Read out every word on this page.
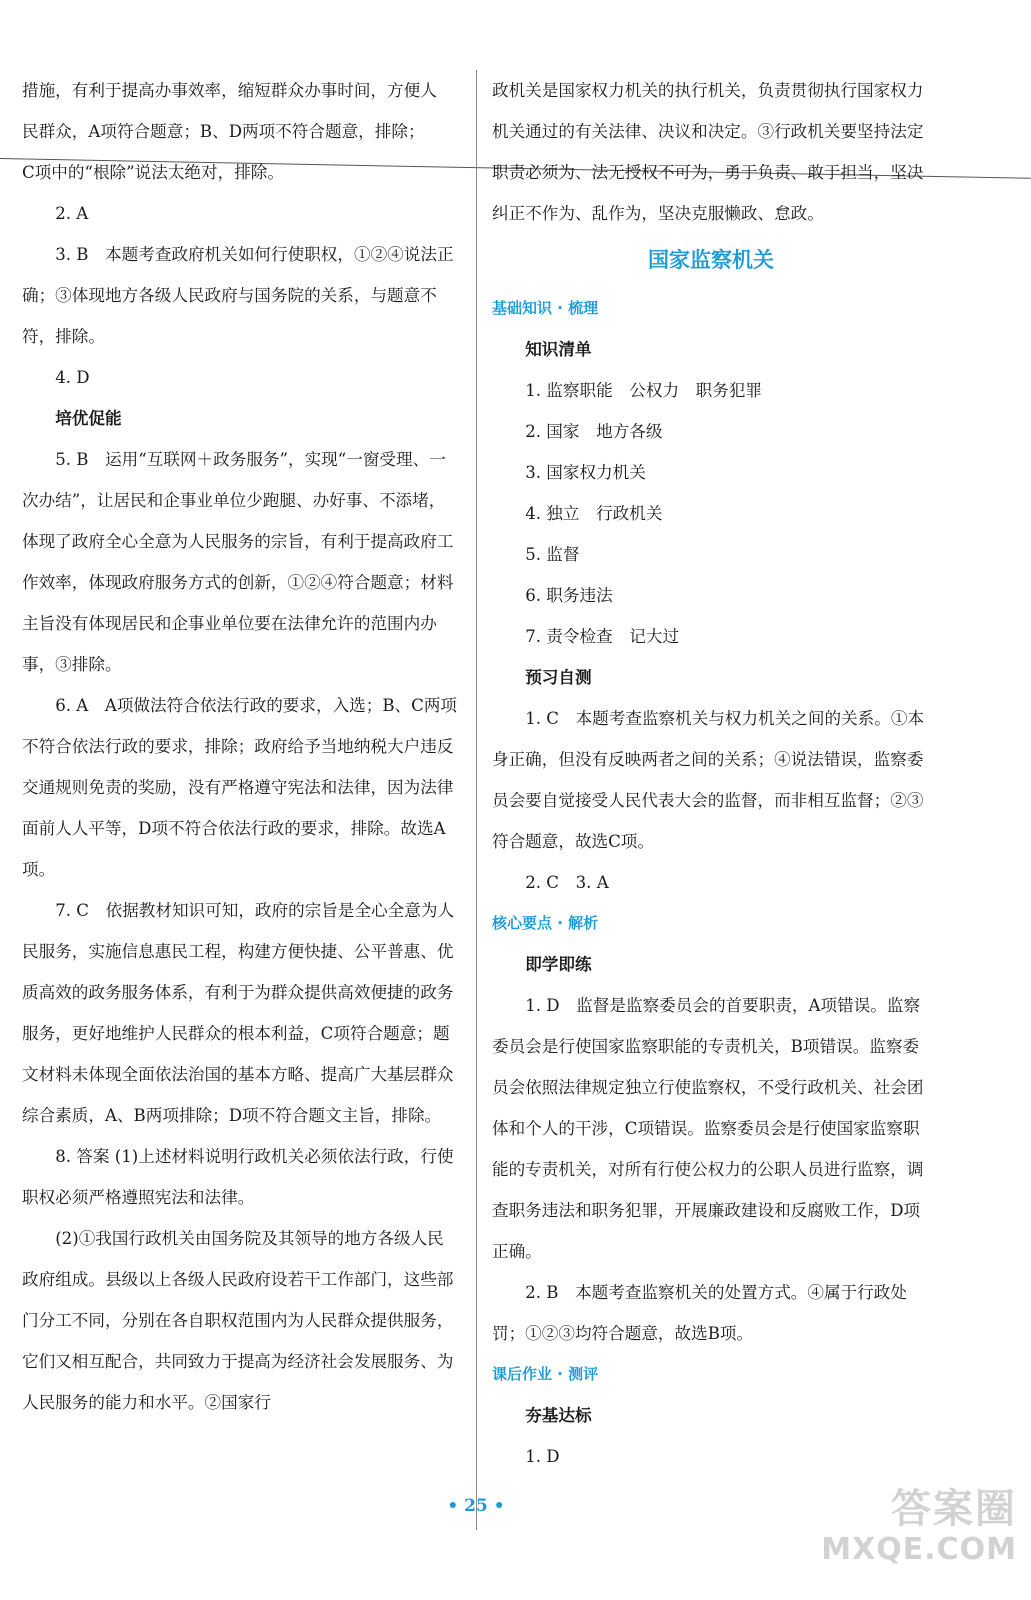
措施，有利于提高办事效率，缩短群众办事时间，方便人

民群众，A项符合题意；B、D两项不符合题意，排除；

C项中的“根除”说法太绝对，排除。

2. A

3. B　本题考查政府机关如何行使职权，①②④说法正确；③体现地方各级人民政府与国务院的关系，与题意不符，排除。

4. D

培优促能

5. B　运用“互联网＋政务服务”，实现“一窗受理、一次办结”，让居民和企事业单位少跑腿、办好事、不添堵，体现了政府全心全意为人民服务的宗旨，有利于提高政府工作效率，体现政府服务方式的创新，①②④符合题意；材料主旨没有体现居民和企事业单位要在法律允许的范围内办事，③排除。

6. A　A项做法符合依法行政的要求，入选；B、C两项不符合依法行政的要求，排除；政府给予当地纳税大户违反交通规则免责的奖励，没有严格遵守宪法和法律，因为法律面前人人平等，D项不符合依法行政的要求，排除。故选A项。

7. C　依据教材知识可知，政府的宗旨是全心全意为人民服务，实施信息惠民工程，构建方便快捷、公平普惠、优质高效的政务服务体系，有利于为群众提供高效便捷的政务服务，更好地维护人民群众的根本利益，C项符合题意；题文材料未体现全面依法治国的基本方略、提高广大基层群众综合素质，A、B两项排除；D项不符合题文主旨，排除。

8. 答案 (1)上述材料说明行政机关必须依法行政，行使职权必须严格遵照宪法和法律。

(2)①我国行政机关由国务院及其领导的地方各级人民政府组成。县级以上各级人民政府设若干工作部门，这些部门分工不同，分别在各自职权范围内为人民群众提供服务，它们又相互配合，共同致力于提高为经济社会发展服务、为人民服务的能力和水平。②国家行

政机关是国家权力机关的执行机关，负责贯彻执行国家权力机关通过的有关法律、决议和决定。③行政机关要坚持法定职责必须为、法无授权不可为，勇于负责、敢于担当，坚决纠正不作为、乱作为，坚决克服懒政、怠政。

国家监察机关

基础知识 · 梳理

知识清单

1. 监察职能　公权力　职务犯罪

2. 国家　地方各级

3. 国家权力机关

4. 独立　行政机关

5. 监督

6. 职务违法

7. 责令检查　记大过

预习自测

1. C　本题考查监察机关与权力机关之间的关系。①本身正确，但没有反映两者之间的关系；④说法错误，监察委员会要自觉接受人民代表大会的监督，而非相互监督；②③符合题意，故选C项。

2. C　3. A

核心要点 · 解析

即学即练

1. D　监督是监察委员会的首要职责，A项错误。监察委员会是行使国家监察职能的专责机关，B项错误。监察委员会依照法律规定独立行使监察权，不受行政机关、社会团体和个人的干涉，C项错误。监察委员会是行使国家监察职能的专责机关，对所有行使公权力的公职人员进行监察，调查职务违法和职务犯罪，开展廉政建设和反腐败工作，D项正确。

2. B　本题考查监察机关的处置方式。④属于行政处罚；①②③均符合题意，故选B项。

课后作业 · 测评

夯基达标

1. D

• 25 •	答案圈
MXQE.COM
